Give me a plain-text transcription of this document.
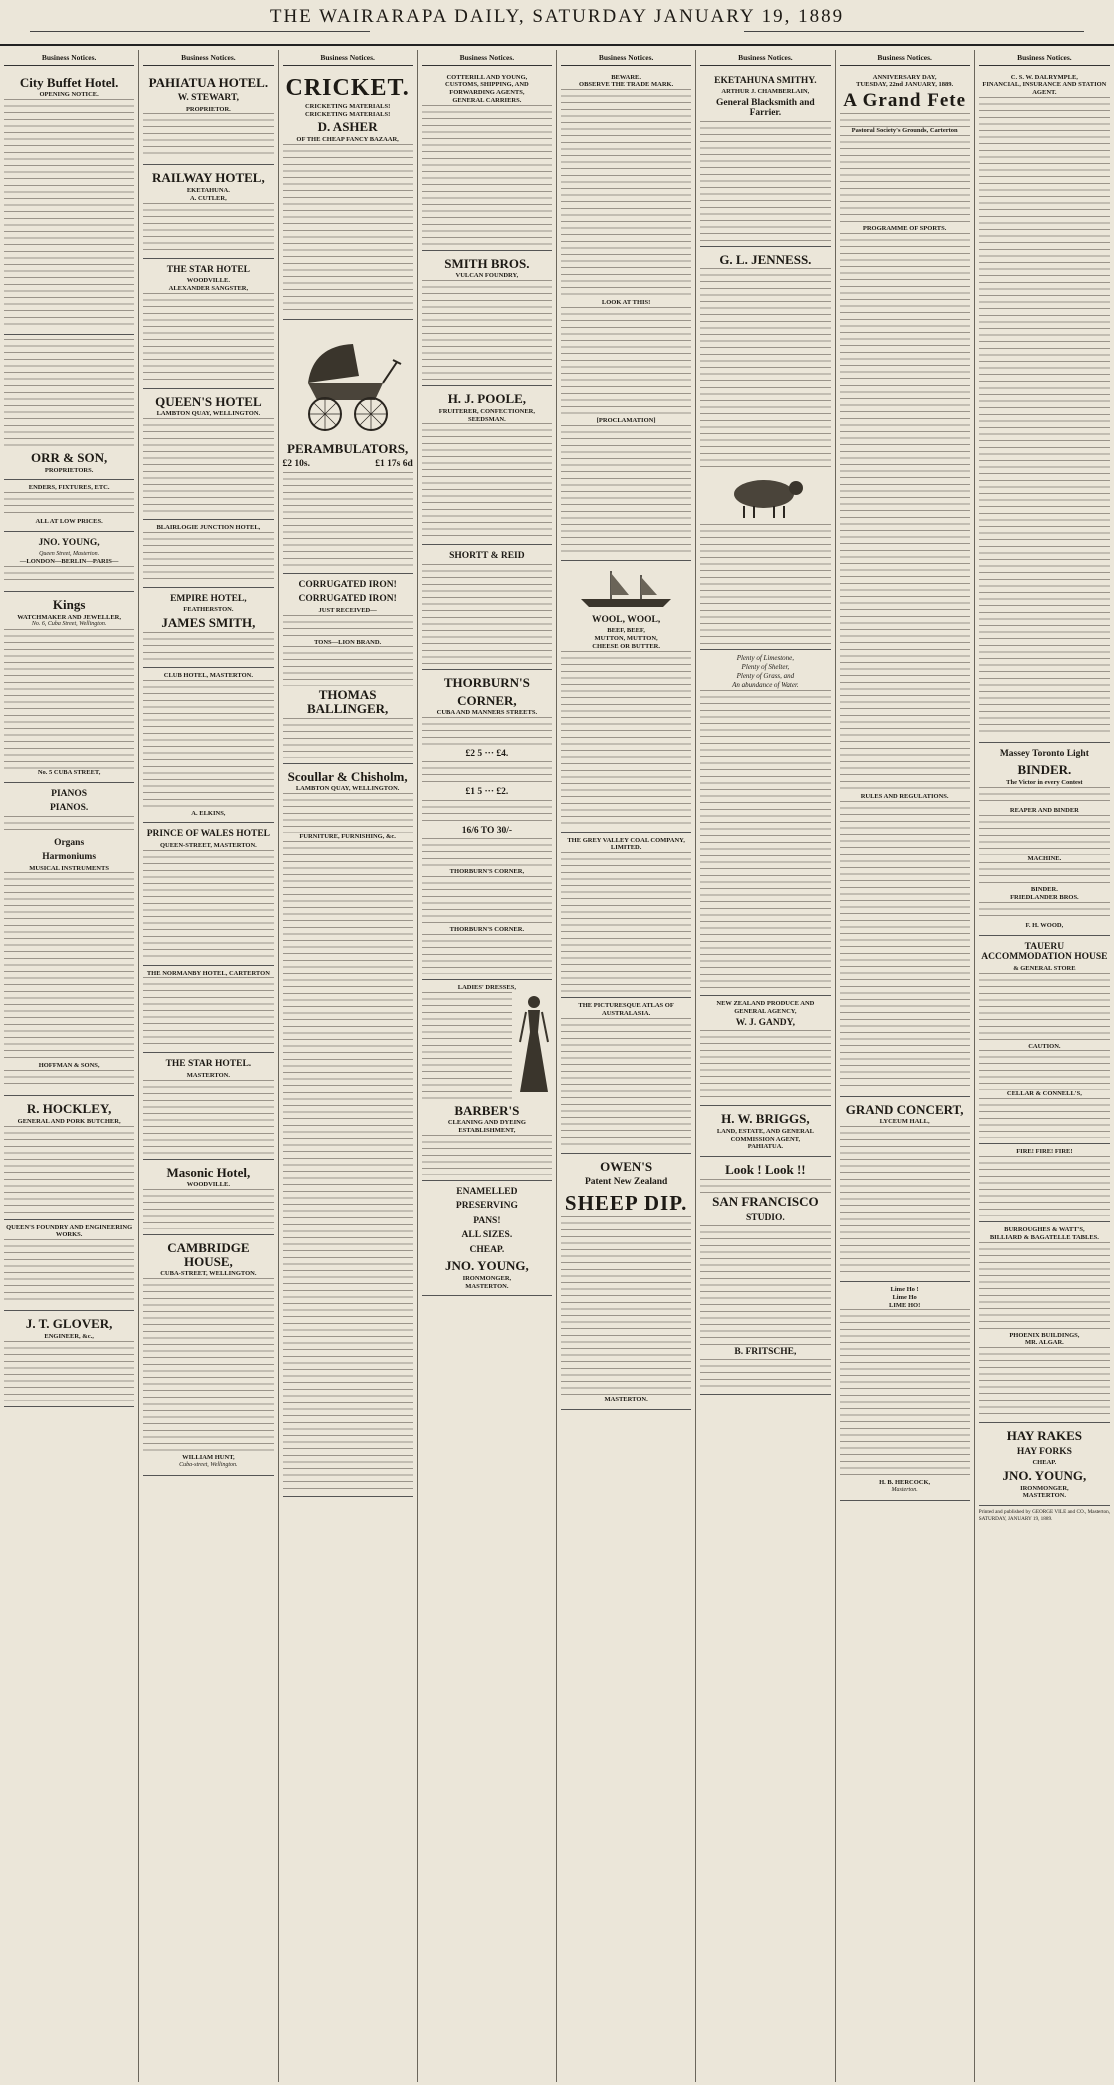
THE WAIRARAPA DAILY, SATURDAY JANUARY 19, 1889
Business Notices.
City Buffet Hotel.
OPENING NOTICE.
ORR & SON,
PROPRIETORS.
ENDERS, FIXTURES, ETC.
ALL AT LOW PRICES.
JNO. YOUNG,
Queen Street, Masterton.
—LONDON—BERLIN—PARIS—
Kings
WATCHMAKER AND JEWELLER,
No. 6, Cuba Street, Wellington.
No. 5 CUBA STREET,
PIANOS
PIANOS.
Organs
Harmoniums
MUSICAL INSTRUMENTS
HOFFMAN & SONS,
R. HOCKLEY,
GENERAL AND PORK BUTCHER,
QUEEN'S FOUNDRY AND ENGINEERING WORKS.
J. T. GLOVER,
ENGINEER, &c.,
Business Notices.
PAHIATUA HOTEL.
W. STEWART,
PROPRIETOR.
RAILWAY HOTEL,
EKETAHUNA.
A. CUTLER,
THE STAR HOTEL
WOODVILLE.
ALEXANDER SANGSTER,
QUEEN'S HOTEL
LAMBTON QUAY, WELLINGTON.
BLAIRLOGIE JUNCTION HOTEL,
EMPIRE HOTEL,
FEATHERSTON.
JAMES SMITH,
CLUB HOTEL, MASTERTON.
A. ELKINS,
PRINCE OF WALES HOTEL
QUEEN-STREET, MASTERTON.
THE NORMANBY HOTEL, CARTERTON
THE STAR HOTEL.
MASTERTON.
Masonic Hotel,
WOODVILLE.
CAMBRIDGE HOUSE,
CUBA-STREET, WELLINGTON.
WILLIAM HUNT,
Cuba-street, Wellington.
Business Notices.
CRICKET.
CRICKETING MATERIALS!
CRICKETING MATERIALS!
D. ASHER
OF THE CHEAP FANCY BAZAAR,
PERAMBULATORS,
£2 10s.	£1 17s 6d
CORRUGATED IRON!
CORRUGATED IRON!
JUST RECEIVED—
TONS—LION BRAND.
THOMAS BALLINGER,
Scoullar & Chisholm,
LAMBTON QUAY, WELLINGTON.
FURNITURE, FURNISHING, &c.
Business Notices.
COTTERILL AND YOUNG,
CUSTOMS, SHIPPING, AND FORWARDING AGENTS,
GENERAL CARRIERS.
SMITH BROS.
VULCAN FOUNDRY,
H. J. POOLE,
FRUITERER, CONFECTIONER,
SEEDSMAN.
SHORTT & REID
THORBURN'S
CORNER,
CUBA AND MANNERS STREETS.
£2 5 ··· £4.
£1 5 ··· £2.
16/6 TO 30/-
THORBURN'S CORNER,
THORBURN'S CORNER.
LADIES' DRESSES,
BARBER'S
CLEANING AND DYEING ESTABLISHMENT,
ENAMELLED
PRESERVING
PANS!
ALL SIZES.
CHEAP.
JNO. YOUNG,
IRONMONGER,
MASTERTON.
Business Notices.
BEWARE.
OBSERVE THE TRADE MARK.
LOOK AT THIS!
[PROCLAMATION]
WOOL, WOOL,
BEEF, BEEF,
MUTTON, MUTTON,
CHEESE OR BUTTER.
THE GREY VALLEY COAL COMPANY, LIMITED.
THE PICTURESQUE ATLAS OF AUSTRALASIA.
OWEN'S
Patent New Zealand
SHEEP DIP.
MASTERTON.
Business Notices.
EKETAHUNA SMITHY.
ARTHUR J. CHAMBERLAIN,
General Blacksmith and Farrier.
G. L. JENNESS.
Plenty of Limestone,
Plenty of Shelter,
Plenty of Grass, and
An abundance of Water.
NEW ZEALAND PRODUCE AND GENERAL AGENCY,
W. J. GANDY,
H. W. BRIGGS,
LAND, ESTATE, AND GENERAL COMMISSION AGENT,
PAHIATUA.
Look ! Look !!
SAN FRANCISCO
STUDIO.
B. FRITSCHE,
Business Notices.
ANNIVERSARY DAY,
TUESDAY, 22nd JANUARY, 1889.
A Grand Fete
Pastoral Society's Grounds, Carterton
PROGRAMME OF SPORTS.
RULES AND REGULATIONS.
GRAND CONCERT,
LYCEUM HALL,
Lime Ho !
Lime Ho
LIME HO!
H. B. HERCOCK,
Masterton.
Business Notices.
C. S. W. DALRYMPLE,
FINANCIAL, INSURANCE AND STATION AGENT.
Massey Toronto Light
BINDER.
The Victor in every Contest
REAPER AND BINDER
MACHINE.
BINDER.
FRIEDLANDER BROS.
F. H. WOOD,
TAUERU ACCOMMODATION HOUSE
& GENERAL STORE
CAUTION.
CELLAR & CONNELL'S,
FIRE! FIRE! FIRE!
BURROUGHES & WATT'S,
BILLIARD & BAGATELLE TABLES.
PHOENIX BUILDINGS,
MR. ALGAR.
HAY RAKES
HAY FORKS
CHEAP.
JNO. YOUNG,
IRONMONGER,
MASTERTON.
Printed and published by GEORGE VILE and CO., Masterton, SATURDAY, JANUARY 19, 1889.
